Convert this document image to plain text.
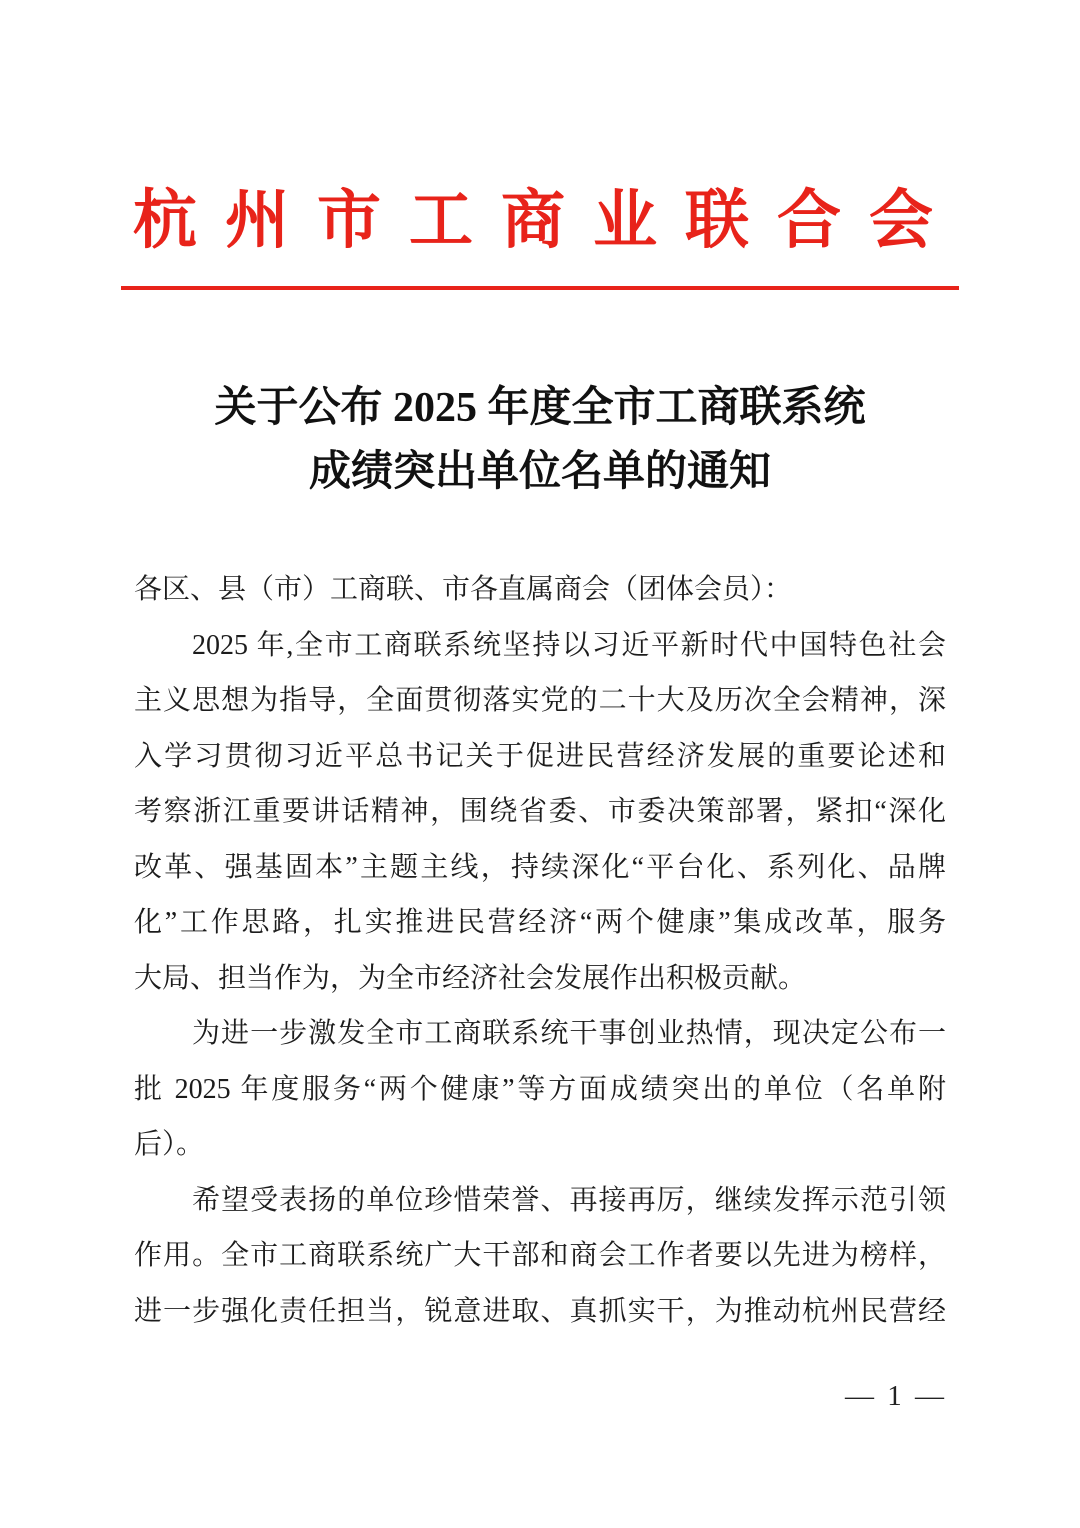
杭州市工商业联合会
关于公布 2025 年度全市工商联系统
成绩突出单位名单的通知
各区、县（市）工商联、市各直属商会（团体会员）：
2025 年,全市工商联系统坚持以习近平新时代中国特色社会
主义思想为指导，全面贯彻落实党的二十大及历次全会精神，深
入学习贯彻习近平总书记关于促进民营经济发展的重要论述和
考察浙江重要讲话精神，围绕省委、市委决策部署，紧扣“深化
改革、强基固本”主题主线，持续深化“平台化、系列化、品牌
化”工作思路，扎实推进民营经济“两个健康”集成改革，服务
大局、担当作为，为全市经济社会发展作出积极贡献。
为进一步激发全市工商联系统干事创业热情，现决定公布一
批 2025 年度服务“两个健康”等方面成绩突出的单位（名单附
后）。
希望受表扬的单位珍惜荣誉、再接再厉，继续发挥示范引领
作用。全市工商联系统广大干部和商会工作者要以先进为榜样，
进一步强化责任担当，锐意进取、真抓实干，为推动杭州民营经
— 1 —
